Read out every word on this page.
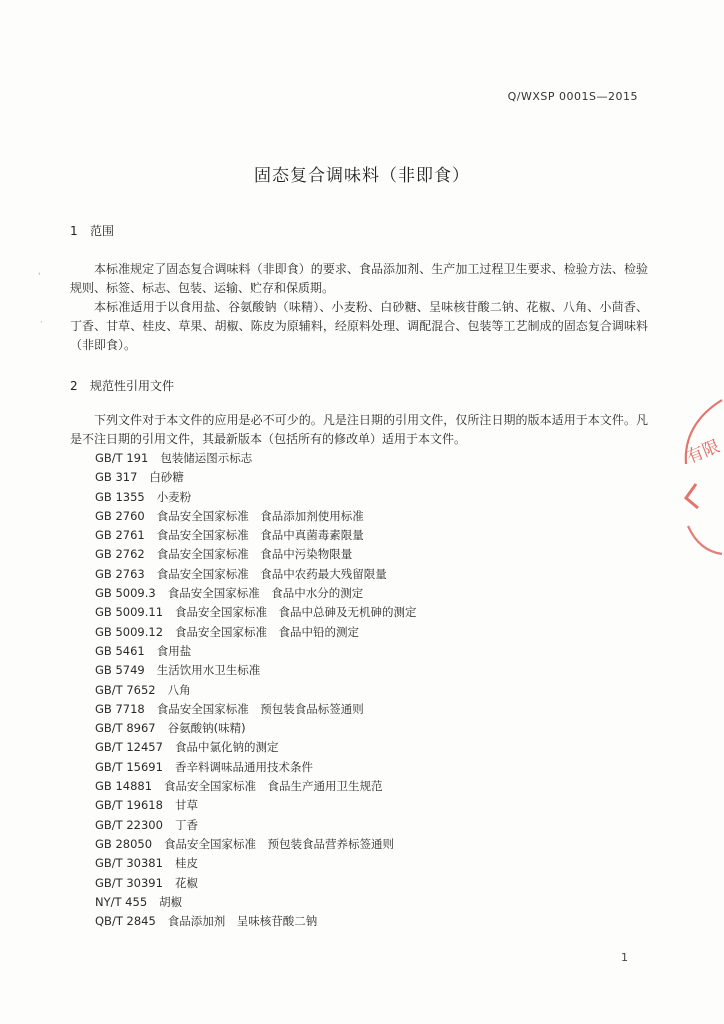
Q/WXSP 0001S—2015
固态复合调味料（非即食）
1 范围

本标准规定了固态复合调味料（非即食）的要求、食品添加剂、生产加工过程卫生要求、检验方法、检验规则、标签、标志、包装、运输、贮存和保质期。

本标准适用于以食用盐、谷氨酸钠（味精）、小麦粉、白砂糖、呈味核苷酸二钠、花椒、八角、小茴香、丁香、甘草、桂皮、草果、胡椒、陈皮为原辅料，经原料处理、调配混合、包装等工艺制成的固态复合调味料（非即食）。

2 规范性引用文件

下列文件对于本文件的应用是必不可少的。凡是注日期的引用文件，仅所注日期的版本适用于本文件。凡是不注日期的引用文件，其最新版本（包括所有的修改单）适用于本文件。

GB/T 191 包装储运图示标志
GB 317 白砂糖
GB 1355 小麦粉
GB 2760 食品安全国家标准　食品添加剂使用标准
GB 2761 食品安全国家标准　食品中真菌毒素限量
GB 2762 食品安全国家标准　食品中污染物限量
GB 2763 食品安全国家标准　食品中农药最大残留限量
GB 5009.3 食品安全国家标准　食品中水分的测定
GB 5009.11 食品安全国家标准　食品中总砷及无机砷的测定
GB 5009.12 食品安全国家标准　食品中铅的测定
GB 5461 食用盐
GB 5749 生活饮用水卫生标准
GB/T 7652 八角
GB 7718 食品安全国家标准　预包装食品标签通则
GB/T 8967 谷氨酸钠(味精)
GB/T 12457 食品中氯化钠的测定
GB/T 15691 香辛料调味品通用技术条件
GB 14881 食品安全国家标准　食品生产通用卫生规范
GB/T 19618 甘草
GB/T 22300 丁香
GB 28050 食品安全国家标准　预包装食品营养标签通则
GB/T 30381 桂皮
GB/T 30391 花椒
NY/T 455 胡椒
QB/T 2845 食品添加剂　呈味核苷酸二钠
1
'
·
有限
